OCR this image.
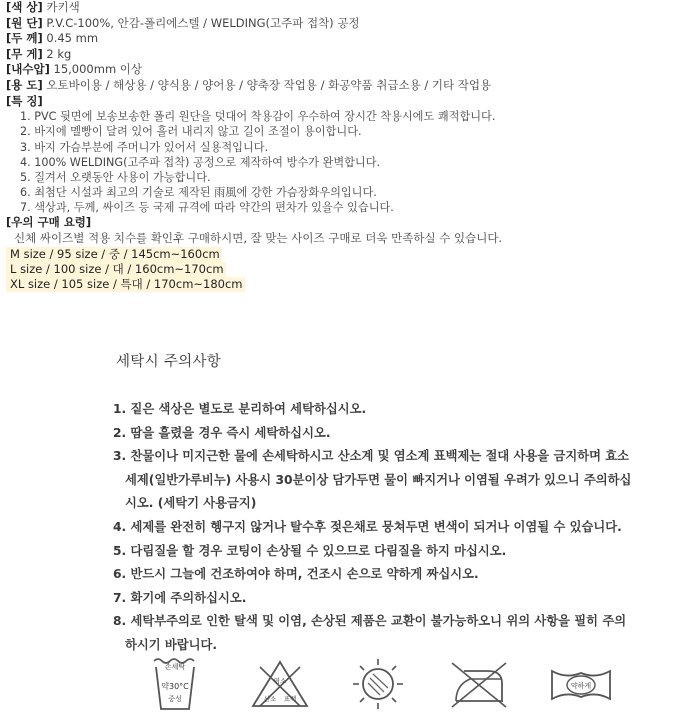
[색 상] 카키색
[원 단] P.V.C-100%, 안감-폴리에스텔 / WELDING(고주파 접착) 공정
[두 께] 0.45 mm
[무 게] 2 kg
[내수압] 15,000mm 이상
[용 도] 오토바이용 / 해상용 / 양식용 / 양어용 / 양축장 작업용 / 화공약품 취급소용 / 기타 작업용
[특 징]
1. PVC 뒷면에 보송보송한 폴리 원단을 덧대어 착용감이 우수하여 장시간 착용시에도 쾌적합니다.
2. 바지에 멜빵이 달려 있어 흘러 내리지 않고 길이 조절이 용이합니다.
3. 바지 가슴부분에 주머니가 있어서 실용적입니다.
4. 100% WELDING(고주파 접착) 공정으로 제작하여 방수가 완벽합니다.
5. 질겨서 오랫동안 사용이 가능합니다.
6. 최첨단 시설과 최고의 기술로 제작된 雨風에 강한 가슴장화우의입니다.
7. 색상과, 두께, 싸이즈 등 국제 규격에 따라 약간의 편차가 있을수 있습니다.
[우의 구매 요령]
신체 싸이즈별 적용 치수를 확인후 구매하시면, 잘 맞는 사이즈 구매로 더욱 만족하실 수 있습니다.
M size / 95 size / 중 / 145cm~160cm
L size / 100 size / 대 / 160cm~170cm
XL size / 105 size / 특대 / 170cm~180cm
세탁시 주의사항
1. 짙은 색상은 별도로 분리하여 세탁하십시오.
2. 땀을 흘렸을 경우 즉시 세탁하십시오.
3. 찬물이나 미지근한 물에 손세탁하시고 산소계 및 염소계 표백제는 절대 사용을 금지하며 효소
세제(일반가루비누) 사용시 30분이상 담가두면 물이 빠지거나 이염될 우려가 있으니 주의하십
시오. (세탁기 사용금지)
4. 세제를 완전히 헹구지 않거나 탈수후 젖은채로 뭉쳐두면 변색이 되거나 이염될 수 있습니다.
5. 다림질을 할 경우 코팅이 손상될 수 있으므로 다림질을 하지 마십시오.
6. 반드시 그늘에 건조하여야 하며, 건조시 손으로 약하게 짜십시오.
7. 화기에 주의하십시오.
8. 세탁부주의로 인한 탈색 및 이염, 손상된 제품은 교환이 불가능하오니 위의 사항을 필히 주의
하시기 바랍니다.
손세탁
약30°C
중성
염소
산소 표백
약하게
